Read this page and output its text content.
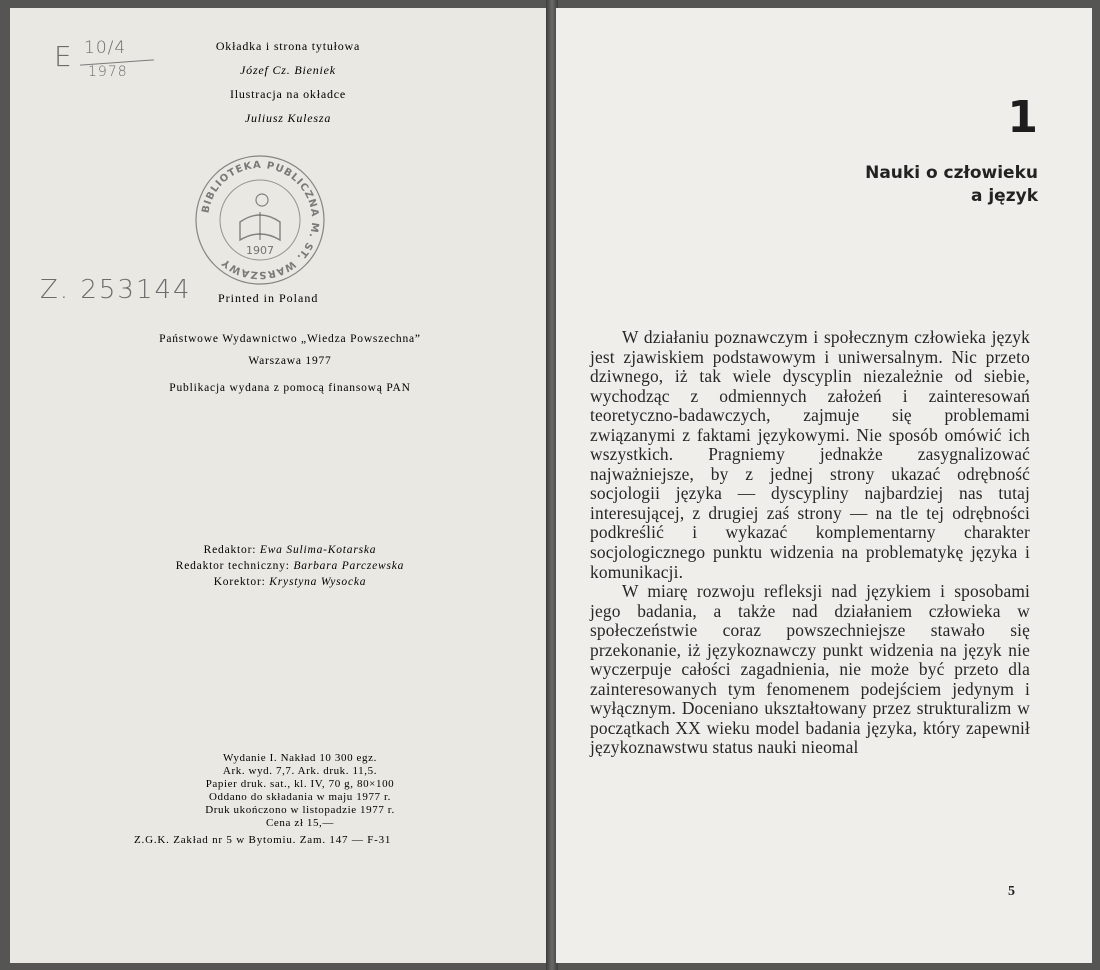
E 10/4
1978
Z. 253144
Okładka i strona tytułowa
Józef Cz. Bieniek
Ilustracja na okładce
Juliusz Kulesza
BIBLIOTEKA PUBLICZNA M. ST. WARSZAWY
1907
Printed in Poland
Państwowe Wydawnictwo „Wiedza Powszechna”
Warszawa 1977
Publikacja wydana z pomocą finansową PAN
Redaktor: Ewa Sulima-Kotarska
Redaktor techniczny: Barbara Parczewska
Korektor: Krystyna Wysocka
Wydanie I. Nakład 10 300 egz.
Ark. wyd. 7,7. Ark. druk. 11,5.
Papier druk. sat., kl. IV, 70 g, 80×100
Oddano do składania w maju 1977 r.
Druk ukończono w listopadzie 1977 r.
Cena zł 15,—
Z.G.K. Zakład nr 5 w Bytomiu. Zam. 147 — F-31
1
Nauki o człowieku
a język

W działaniu poznawczym i społecznym człowieka język jest zjawiskiem podstawowym i uniwersalnym. Nic przeto dziwnego, iż tak wiele dyscyplin niezależnie od siebie, wychodząc z odmiennych założeń i zainteresowań teoretyczno-badawczych, zajmuje się problemami związanymi z faktami językowymi. Nie sposób omówić ich wszystkich. Pragniemy jednakże zasygnalizować najważniejsze, by z jednej strony ukazać odrębność socjologii języka — dyscypliny najbardziej nas tutaj interesującej, z drugiej zaś strony — na tle tej odrębności podkreślić i wykazać komplementarny charakter socjologicznego punktu widzenia na problematykę języka i komunikacji.

W miarę rozwoju refleksji nad językiem i sposobami jego badania, a także nad działaniem człowieka w społeczeństwie coraz powszechniejsze stawało się przekonanie, iż językoznawczy punkt widzenia na język nie wyczerpuje całości zagadnienia, nie może być przeto dla zainteresowanych tym fenomenem podejściem jedynym i wyłącznym. Doceniano ukształtowany przez strukturalizm w początkach XX wieku model badania języka, który zapewnił językoznawstwu status nauki nieomal

5
